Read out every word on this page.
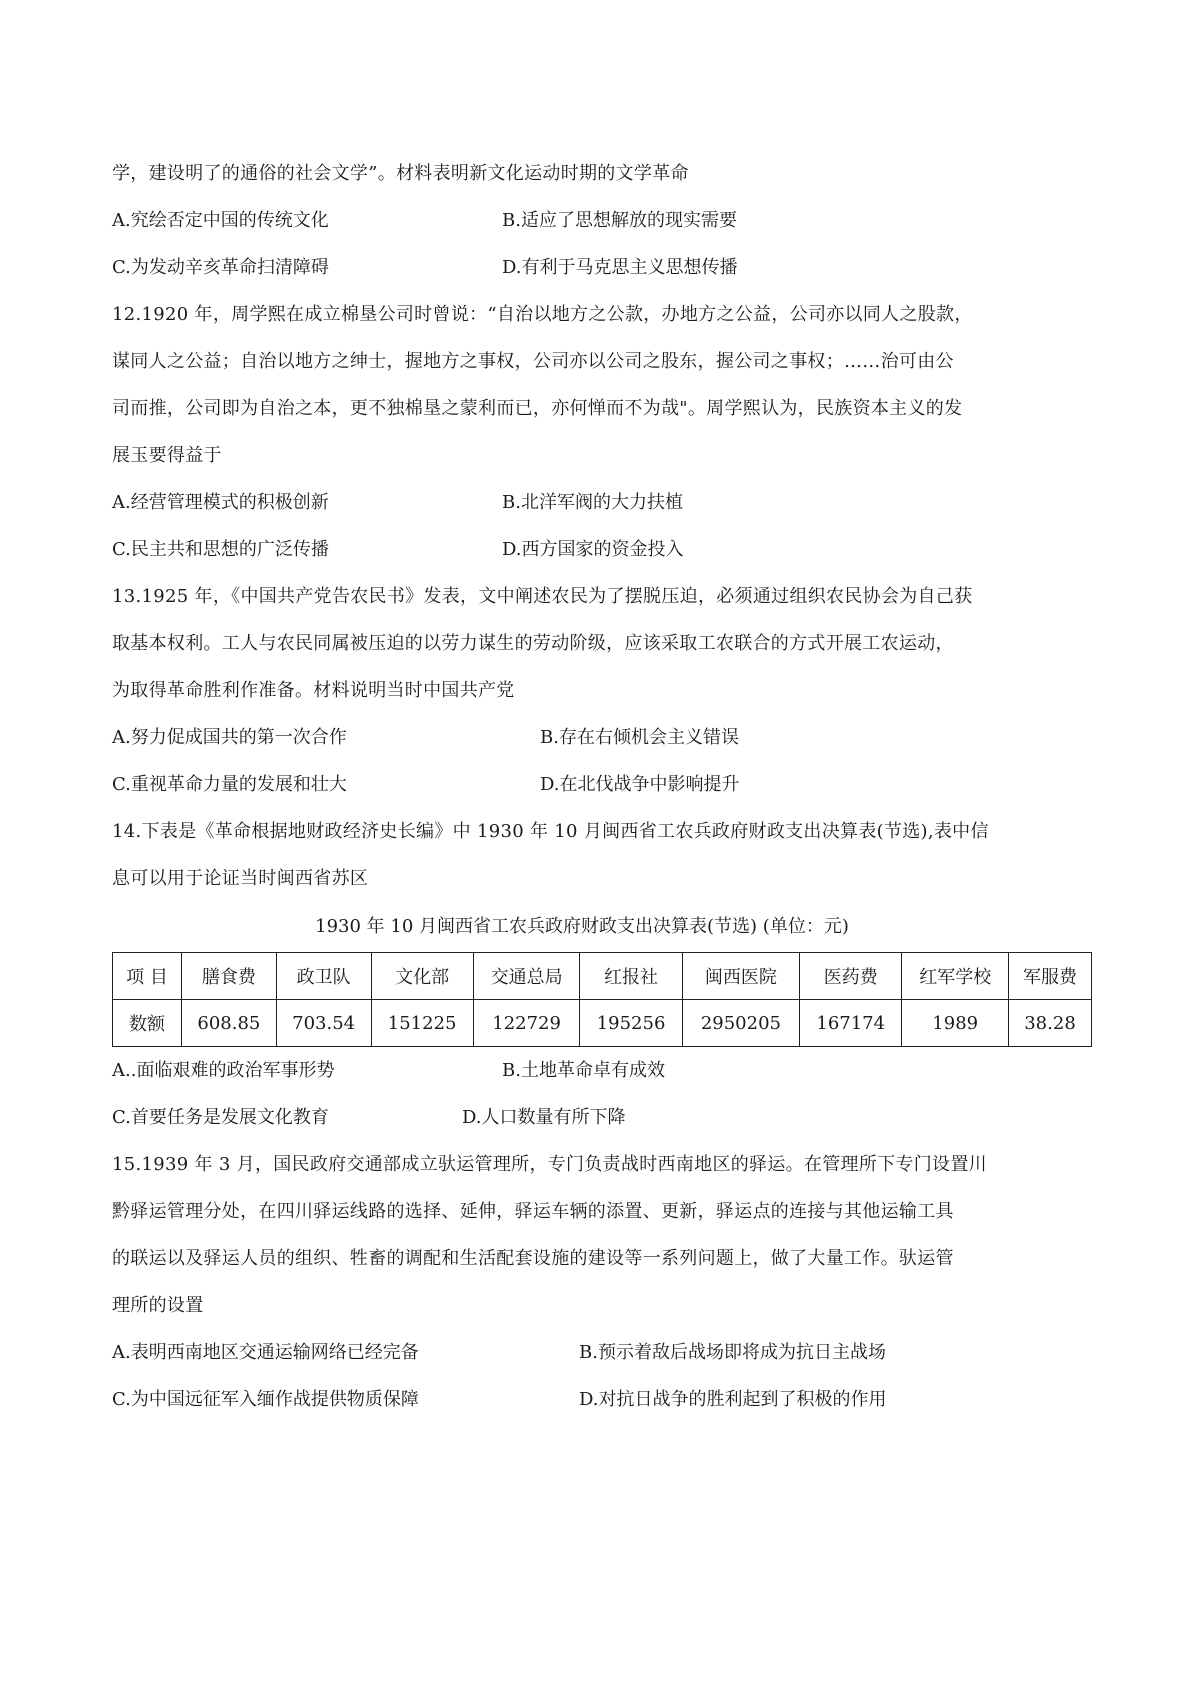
学，建设明了的通俗的社会文学”。材料表明新文化运动时期的文学革命
A.究绘否定中国的传统文化	B.适应了思想解放的现实需要
C.为发动辛亥革命扫清障碍	D.有利于马克思主义思想传播
12.1920 年，周学熙在成立棉垦公司时曾说：“自治以地方之公款，办地方之公益，公司亦以同人之股款，
谋同人之公益；自治以地方之绅士，握地方之事权，公司亦以公司之股东，握公司之事权；……治可由公
司而推，公司即为自治之本，更不独棉垦之蒙利而已，亦何惮而不为哉"。周学熙认为，民族资本主义的发
展玉要得益于
A.经营管理模式的积极创新	B.北洋军阀的大力扶植
C.民主共和思想的广泛传播	D.西方国家的资金投入
13.1925 年，《中国共产党告农民书》发表，文中阐述农民为了摆脱压迫，必须通过组织农民协会为自己获
取基本权利。工人与农民同属被压迫的以劳力谋生的劳动阶级，应该采取工农联合的方式开展工农运动，
为取得革命胜利作准备。材料说明当时中国共产党
A.努力促成国共的第一次合作	B.存在右倾机会主义错误
C.重视革命力量的发展和壮大	D.在北伐战争中影响提升
14.下表是《革命根据地财政经济史长编》中 1930 年 10 月闽西省工农兵政府财政支出决算表(节选),表中信
息可以用于论证当时闽西省苏区
1930 年 10 月闽西省工农兵政府财政支出决算表(节选) (单位：元)
项 目	膳食费	政卫队	文化部	交通总局	红报社	闽西医院	医药费	红军学校	军服费
数额	608.85	703.54	151225	122729	195256	2950205	167174	1989	38.28
A..面临艰难的政治军事形势	B.土地革命卓有成效
C.首要任务是发展文化教育	D.人口数量有所下降
15.1939 年 3 月，国民政府交通部成立驮运管理所，专门负责战时西南地区的驿运。在管理所下专门设置川
黔驿运管理分处，在四川驿运线路的选择、延伸，驿运车辆的添置、更新，驿运点的连接与其他运输工具
的联运以及驿运人员的组织、牲畜的调配和生活配套设施的建设等一系列问题上，做了大量工作。驮运管
理所的设置
A.表明西南地区交通运输网络已经完备	B.预示着敌后战场即将成为抗日主战场
C.为中国远征军入缅作战提供物质保障	D.对抗日战争的胜利起到了积极的作用
